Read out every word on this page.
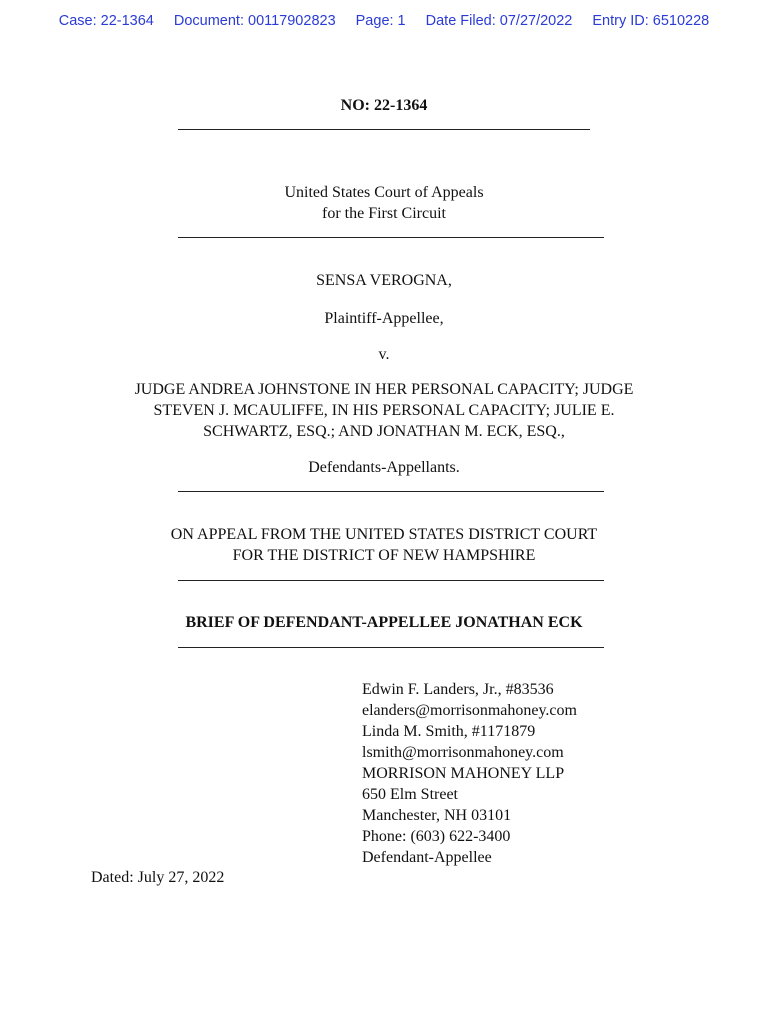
Case: 22-1364 Document: 00117902823 Page: 1 Date Filed: 07/27/2022 Entry ID: 6510228
NO: 22-1364
United States Court of Appeals
for the First Circuit
SENSA VEROGNA,
Plaintiff-Appellee,
v.
JUDGE ANDREA JOHNSTONE IN HER PERSONAL CAPACITY; JUDGE
STEVEN J. MCAULIFFE, IN HIS PERSONAL CAPACITY; JULIE E.
SCHWARTZ, ESQ.; AND JONATHAN M. ECK, ESQ.,
Defendants-Appellants.
ON APPEAL FROM THE UNITED STATES DISTRICT COURT
FOR THE DISTRICT OF NEW HAMPSHIRE
BRIEF OF DEFENDANT-APPELLEE JONATHAN ECK
Edwin F. Landers, Jr., #83536
elanders@morrisonmahoney.com
Linda M. Smith, #1171879
lsmith@morrisonmahoney.com
MORRISON MAHONEY LLP
650 Elm Street
Manchester, NH 03101
Phone: (603) 622-3400
Defendant-Appellee
Dated: July 27, 2022
